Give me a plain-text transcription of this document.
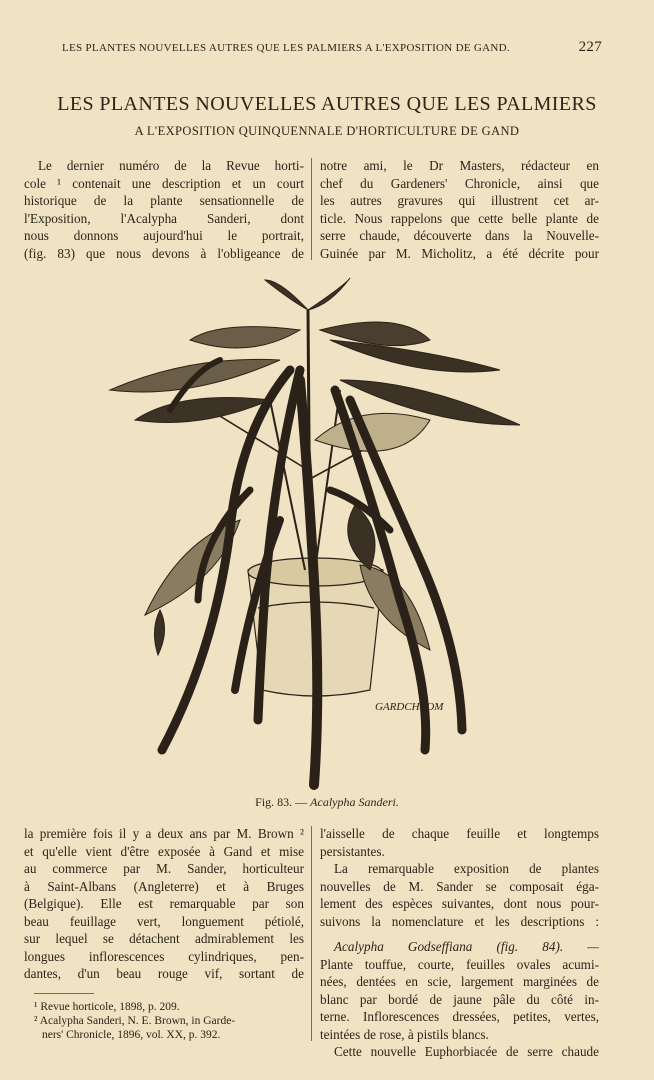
LES PLANTES NOUVELLES AUTRES QUE LES PALMIERS A L'EXPOSITION DE GAND.	227
LES PLANTES NOUVELLES AUTRES QUE LES PALMIERS
A L'EXPOSITION QUINQUENNALE D'HORTICULTURE DE GAND
Le dernier numéro de la Revue horti-
cole ¹ contenait une description et un court
historique de la plante sensationnelle de
l'Exposition, l'Acalypha Sanderi, dont
nous donnons aujourd'hui le portrait,
(fig. 83) que nous devons à l'obligeance de
notre ami, le Dr Masters, rédacteur en
chef du Gardeners' Chronicle, ainsi que
les autres gravures qui illustrent cet ar-
ticle. Nous rappelons que cette belle plante de
serre chaude, découverte dans la Nouvelle-
Guinée par M. Micholitz, a été décrite pour
GARDCHROM
Fig. 83. — Acalypha Sanderi.
la première fois il y a deux ans par M. Brown ²
et qu'elle vient d'être exposée à Gand et mise
au commerce par M. Sander, horticulteur
à Saint-Albans (Angleterre) et à Bruges
(Belgique). Elle est remarquable par son
beau feuillage vert, longuement pétiolé,
sur lequel se détachent admirablement les
longues inflorescences cylindriques, pen-
dantes, d'un beau rouge vif, sortant de
l'aisselle de chaque feuille et longtemps
persistantes.
La remarquable exposition de plantes
nouvelles de M. Sander se composait éga-
lement des espèces suivantes, dont nous pour-
suivons la nomenclature et les descriptions :
Acalypha Godseffiana (fig. 84). —
Plante touffue, courte, feuilles ovales acumi-
nées, dentées en scie, largement marginées de
blanc par bordé de jaune pâle du côté in-
terne. Inflorescences dressées, petites, vertes,
teintées de rose, à pistils blancs.
Cette nouvelle Euphorbiacée de serre chaude
¹ Revue horticole, 1898, p. 209.
² Acalypha Sanderi, N. E. Brown, in Garde-
ners' Chronicle, 1896, vol. XX, p. 392.
